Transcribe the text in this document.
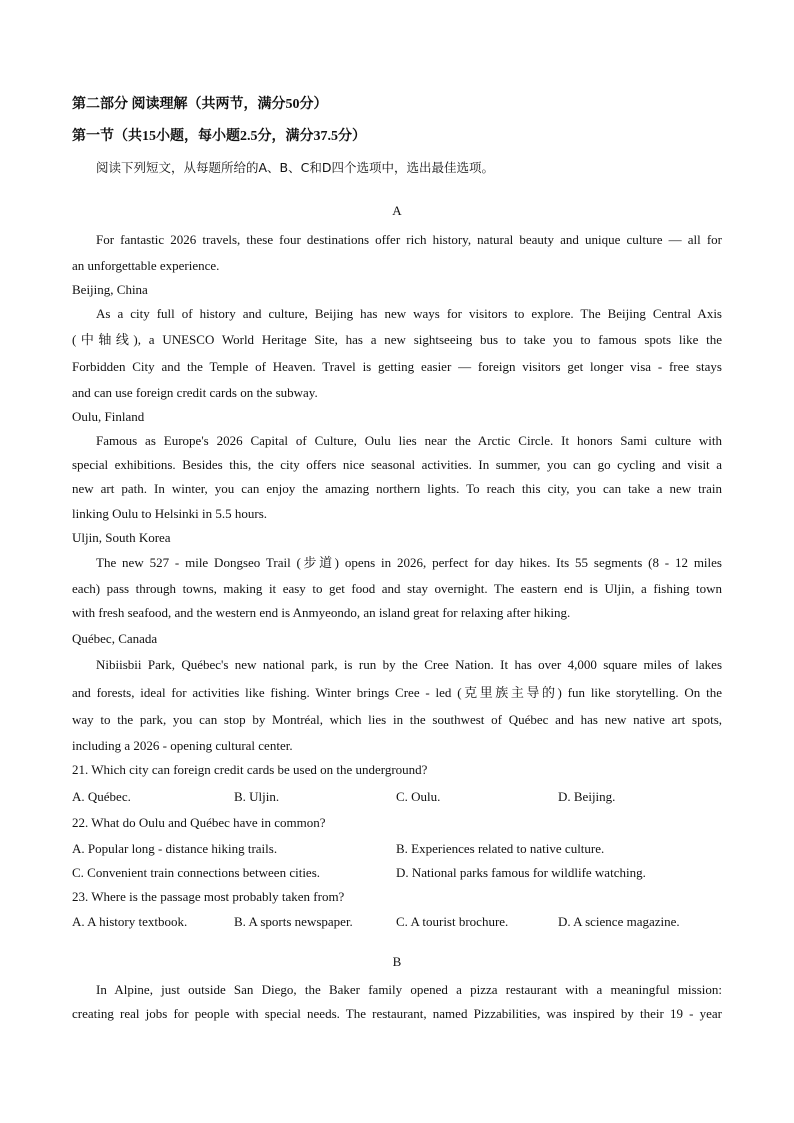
第二部分 阅读理解（共两节，满分50分）
第一节（共15小题，每小题2.5分，满分37.5分）
阅读下列短文，从每题所给的A、B、C和D四个选项中，选出最佳选项。
A
For fantastic 2026 travels, these four destinations offer rich history, natural beauty and unique culture — all for
an unforgettable experience.
Beijing, China
As a city full of history and culture, Beijing has new ways for visitors to explore. The Beijing Central Axis
(中轴线), a UNESCO World Heritage Site, has a new sightseeing bus to take you to famous spots like the
Forbidden City and the Temple of Heaven. Travel is getting easier — foreign visitors get longer visa - free stays
and can use foreign credit cards on the subway.
Oulu, Finland
Famous as Europe's 2026 Capital of Culture, Oulu lies near the Arctic Circle. It honors Sami culture with
special exhibitions. Besides this, the city offers nice seasonal activities. In summer, you can go cycling and visit a
new art path. In winter, you can enjoy the amazing northern lights. To reach this city, you can take a new train
linking Oulu to Helsinki in 5.5 hours.
Uljin, South Korea
The new 527 - mile Dongseo Trail (步道) opens in 2026, perfect for day hikes. Its 55 segments (8 - 12 miles
each) pass through towns, making it easy to get food and stay overnight. The eastern end is Uljin, a fishing town
with fresh seafood, and the western end is Anmyeondo, an island great for relaxing after hiking.
Québec, Canada
Nibiisbii Park, Québec's new national park, is run by the Cree Nation. It has over 4,000 square miles of lakes
and forests, ideal for activities like fishing. Winter brings Cree - led (克里族主导的) fun like storytelling. On the
way to the park, you can stop by Montréal, which lies in the southwest of Québec and has new native art spots,
including a 2026 - opening cultural center.
21. Which city can foreign credit cards be used on the underground?
A. Québec.	B. Uljin.	C. Oulu.	D. Beijing.
22. What do Oulu and Québec have in common?
A. Popular long - distance hiking trails.	B. Experiences related to native culture.
C. Convenient train connections between cities.	D. National parks famous for wildlife watching.
23. Where is the passage most probably taken from?
A. A history textbook.	B. A sports newspaper.	C. A tourist brochure.	D. A science magazine.
B
In Alpine, just outside San Diego, the Baker family opened a pizza restaurant with a meaningful mission:
creating real jobs for people with special needs. The restaurant, named Pizzabilities, was inspired by their 19 - year
